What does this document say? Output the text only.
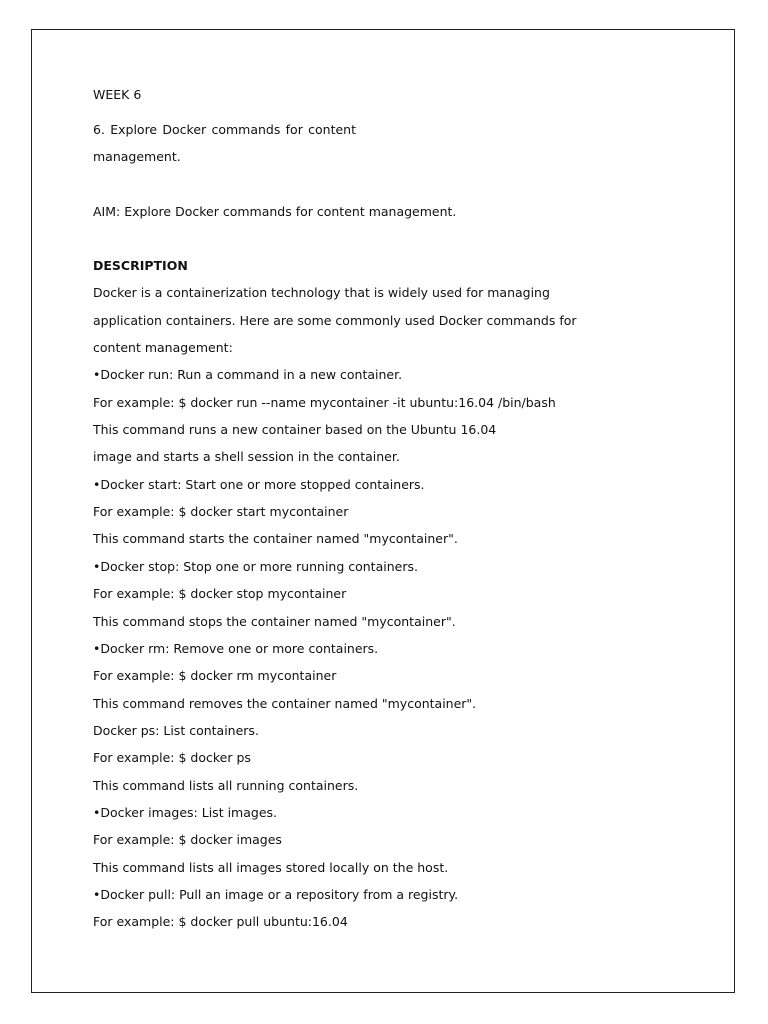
WEEK 6

6. Explore Docker commands for content

management.

AIM: Explore Docker commands for content management.

DESCRIPTION

Docker is a containerization technology that is widely used for managing

application containers. Here are some commonly used Docker commands for

content management:

•Docker run: Run a command in a new container.

For example: $ docker run --name mycontainer -it ubuntu:16.04 /bin/bash

This command runs a new container based on the Ubuntu 16.04

image and starts a shell session in the container.

•Docker start: Start one or more stopped containers.

For example: $ docker start mycontainer

This command starts the container named "mycontainer".

•Docker stop: Stop one or more running containers.

For example: $ docker stop mycontainer

This command stops the container named "mycontainer".

•Docker rm: Remove one or more containers.

For example: $ docker rm mycontainer

This command removes the container named "mycontainer".

Docker ps: List containers.

For example: $ docker ps

This command lists all running containers.

•Docker images: List images.

For example: $ docker images

This command lists all images stored locally on the host.

•Docker pull: Pull an image or a repository from a registry.

For example: $ docker pull ubuntu:16.04
